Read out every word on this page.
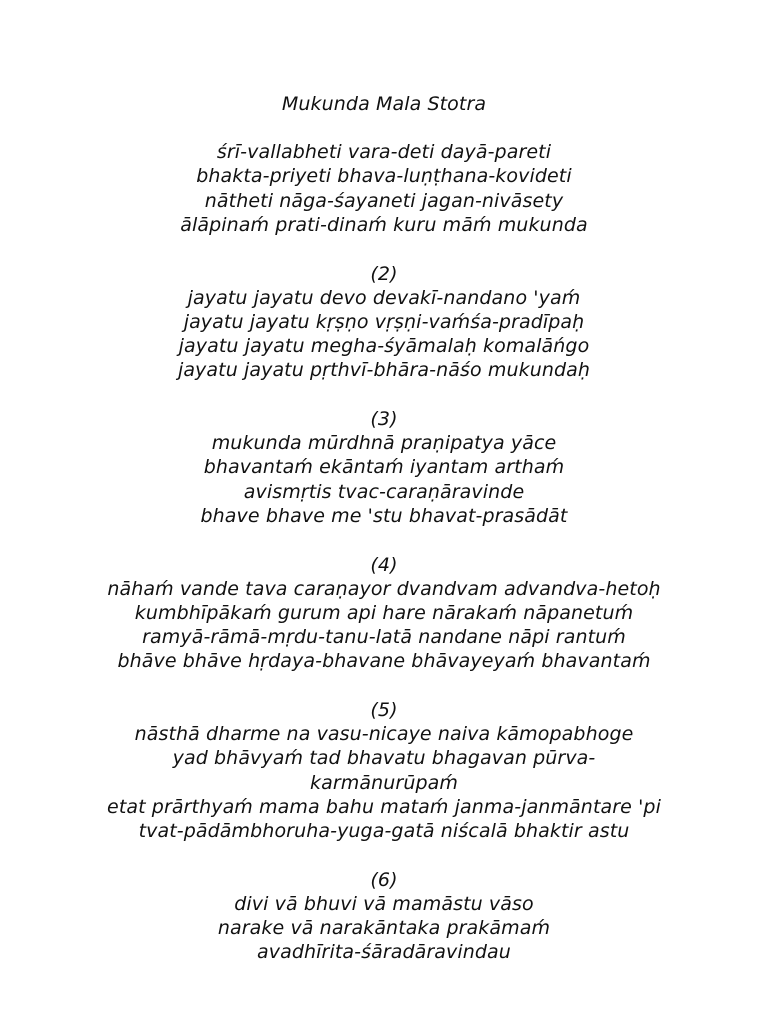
Mukunda Mala Stotra
śrī-vallabheti vara-deti dayā-pareti
bhakta-priyeti bhava-luṇṭhana-kovideti
nātheti nāga-śayaneti jagan-nivāsety
ālāpinaḿ prati-dinaḿ kuru māḿ mukunda
(2)
jayatu jayatu devo devakī-nandano 'yaḿ
jayatu jayatu kṛṣṇo vṛṣṇi-vaḿśa-pradīpaḥ
jayatu jayatu megha-śyāmalaḥ komalāńgo
jayatu jayatu pṛthvī-bhāra-nāśo mukundaḥ
(3)
mukunda mūrdhnā praṇipatya yāce
bhavantaḿ ekāntaḿ iyantam arthaḿ
avismṛtis tvac-caraṇāravinde
bhave bhave me 'stu bhavat-prasādāt
(4)
nāhaḿ vande tava caraṇayor dvandvam advandva-hetoḥ
kumbhīpākaḿ gurum api hare nārakaḿ nāpanetuḿ
ramyā-rāmā-mṛdu-tanu-latā nandane nāpi rantuḿ
bhāve bhāve hṛdaya-bhavane bhāvayeyaḿ bhavantaḿ
(5)
nāsthā dharme na vasu-nicaye naiva kāmopabhoge
yad bhāvyaḿ tad bhavatu bhagavan pūrva-
karmānurūpaḿ
etat prārthyaḿ mama bahu mataḿ janma-janmāntare 'pi
tvat-pādāmbhoruha-yuga-gatā niścalā bhaktir astu
(6)
divi vā bhuvi vā mamāstu vāso
narake vā narakāntaka prakāmaḿ
avadhīrita-śāradāravindau
